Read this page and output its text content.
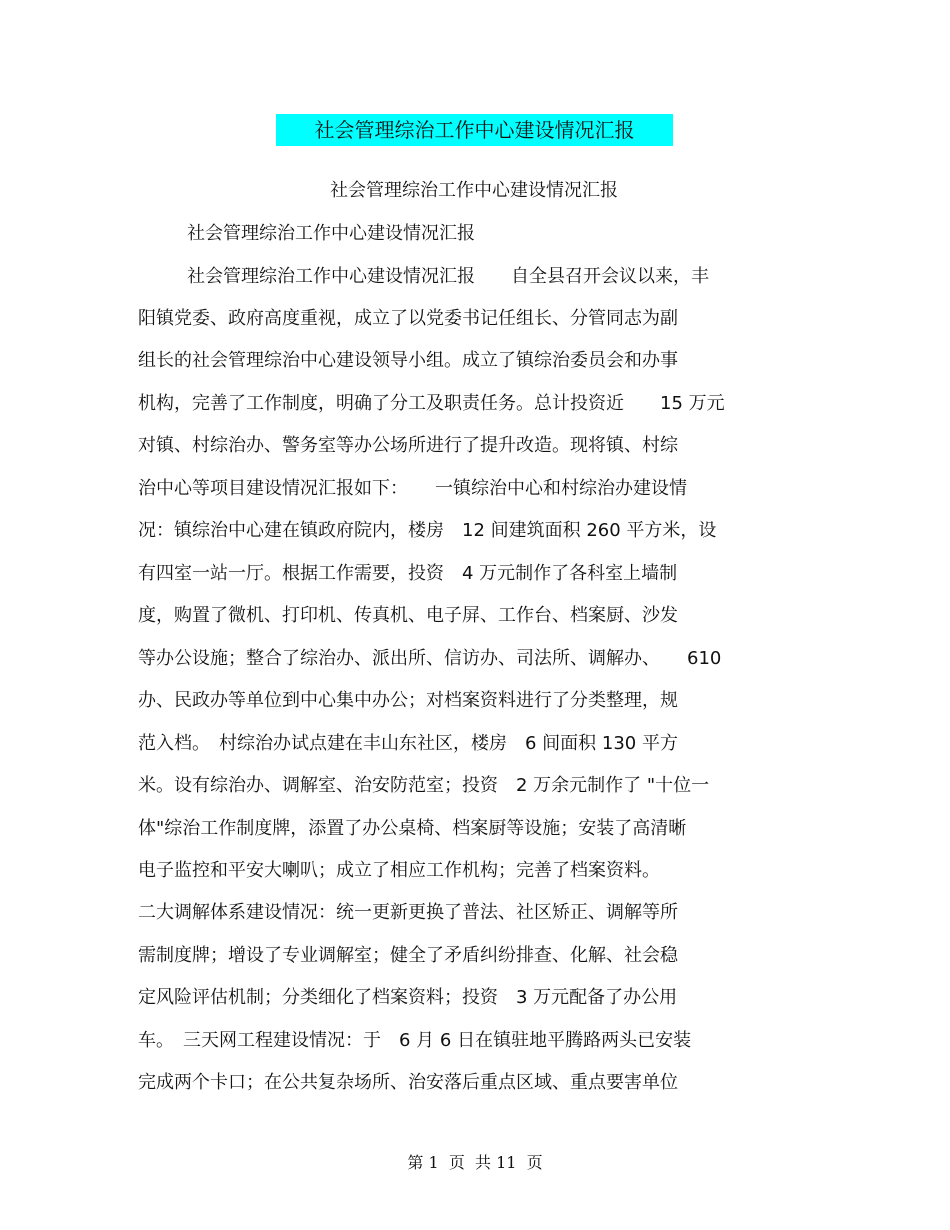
社会管理综治工作中心建设情况汇报
社会管理综治工作中心建设情况汇报
社会管理综治工作中心建设情况汇报
社会管理综治工作中心建设情况汇报　　自全县召开会议以来，丰
阳镇党委、政府高度重视，成立了以党委书记任组长、分管同志为副
组长的社会管理综治中心建设领导小组。成立了镇综治委员会和办事
机构，完善了工作制度，明确了分工及职责任务。总计投资近　　15 万元
对镇、村综治办、警务室等办公场所进行了提升改造。现将镇、村综
治中心等项目建设情况汇报如下：　　一镇综治中心和村综治办建设情
况：镇综治中心建在镇政府院内，楼房　12 间建筑面积 260 平方米，设
有四室一站一厅。根据工作需要，投资　4 万元制作了各科室上墙制
度，购置了微机、打印机、传真机、电子屏、工作台、档案厨、沙发
等办公设施；整合了综治办、派出所、信访办、司法所、调解办、　　610
办、民政办等单位到中心集中办公；对档案资料进行了分类整理，规
范入档。　村综治办试点建在丰山东社区，楼房　6 间面积 130 平方
米。设有综治办、调解室、治安防范室；投资　2 万余元制作了 "十位一
体"综治工作制度牌，添置了办公桌椅、档案厨等设施；安装了高清晰
电子监控和平安大喇叭；成立了相应工作机构；完善了档案资料。
二大调解体系建设情况：统一更新更换了普法、社区矫正、调解等所
需制度牌；增设了专业调解室；健全了矛盾纠纷排查、化解、社会稳
定风险评估机制；分类细化了档案资料；投资　3 万元配备了办公用
车。　三天网工程建设情况：于　6 月 6 日在镇驻地平腾路两头已安装
完成两个卡口；在公共复杂场所、治安落后重点区域、重点要害单位
第 1  页  共 11  页
